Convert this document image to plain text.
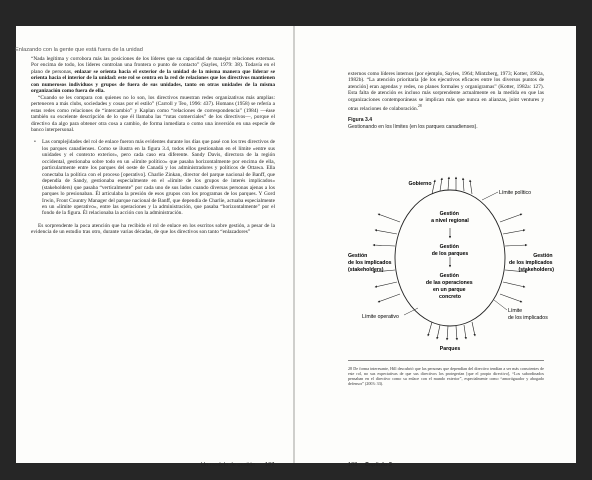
Enlazando con la gente que está fuera de la unidad

“Nada legítima y corrobora más las posiciones de los líderes que su capacidad de manejar relaciones externas. Por encima de todo, los líderes controlan una frontera o punto de contacto” (Sayles, 1979: 38). Todavía en el plano de personas, enlazar se orienta hacia el exterior de la unidad de la misma manera que liderar se orienta hacia el interior de la unidad: este rol se centra en la red de relaciones que los directivos mantienen con numerosos individuos y grupos de fuera de sus unidades, tanto en otras unidades de la misma organización como fuera de ella.

“Cuando se les compara con quienes no lo son, los directivos muestran redes organizativas más amplias: pertenecen a más clubs, sociedades y cosas por el estilo” (Carroll y Teo, 1996: 437). Homans (1958) se refería a estas redes como relaciones de “intercambio” y Kaplan como “relaciones de correspondencia” (1984) —éase también su excelente descripción de lo que él llamaba las “rutas comerciales” de los directivos—, porque el directivo da algo para obtener otra cosa a cambio, de forma inmediata o como una inversión en una especie de banco interpersonal.

• Las complejidades del rol de enlace fueron más evidentes durante los días que pasé con los tres directivos de los parques canadienses. Como se ilustra en la figura 3.4, todos ellos gestionaban en el límite «entre sus unidades y el contexto exterior», pero cada caso era diferente. Sandy Davis, directora de la región occidental, gestionaba sobre todo en un «límite político» que pasaba horizontalmente por encima de ella, particularmente entre los parques del oeste de Canadá y los administradores y políticos de Ottawa. Ella conectaba la política con el proceso [operativo]. Charlie Zinkan, director del parque nacional de Banff, que dependía de Sandy, gestionaba especialmente en el «límite de los grupos de interés implicados» (stakeholders) que pasaba “verticalmente” por cada uno de sus lados cuando diversas personas ajenas a los parques lo presionaban. Él articulaba la presión de esos grupos con los programas de los parques. Y Gord Irwin, Front Country Manager del parque nacional de Banff, que dependía de Charlie, actuaba especialmente en un «límite operativo», entre las operaciones y la administración, que pasaba “horizontalmente” por el fondo de la figura. Él relacionaba la acción con la administración.

Es sorprendente la poca atención que ha recibido el rol de enlace en los escritos sobre gestión, a pesar de la evidencia de un estudio tras otro, durante varias décadas, de que los directivos son tanto “enlazadores”

Un modelo de gestión 107

externos como líderes internos (por ejemplo, Sayles, 1964; Mintzberg, 1973; Kotter, 1982a, 1982b). “La atención prioritaria [de los ejecutivos eficaces entre los diversos puntos de atención] eran agendas y redes, no planes formales y organigramas” (Kotter, 1982a: 127). Esta falta de atención es incluso más sorprendente actualmente en la medida en que las organizaciones contemporáneas se implican más que nunca en alianzas, joint ventures y otras relaciones de colaboración.$^{28}$

Figura 3.4
Gestionando en los límites (en los parques canadienses).
Gobierno
Límite político
Gestión a nivel regional
Gestión de los parques
Gestión de las operaciones en un parque concreto
Gestión de los implicados (stakeholders)
Gestión de los implicados (stakeholders)
Límite operativo
Límite de los implicados
Parques
28 De forma interesante, Hill descubrió que las personas que dependían del directivo tendían a ser más conscientes de este rol, no sus expectativas de que sus directivos los protegerían [que el propio directivo], “Los subordinados pensaban en el directivo como su enlace con el mundo exterior”, especialmente como “amortiguador y abogado defensor” (2003: 33).
108 Capítulo 3
